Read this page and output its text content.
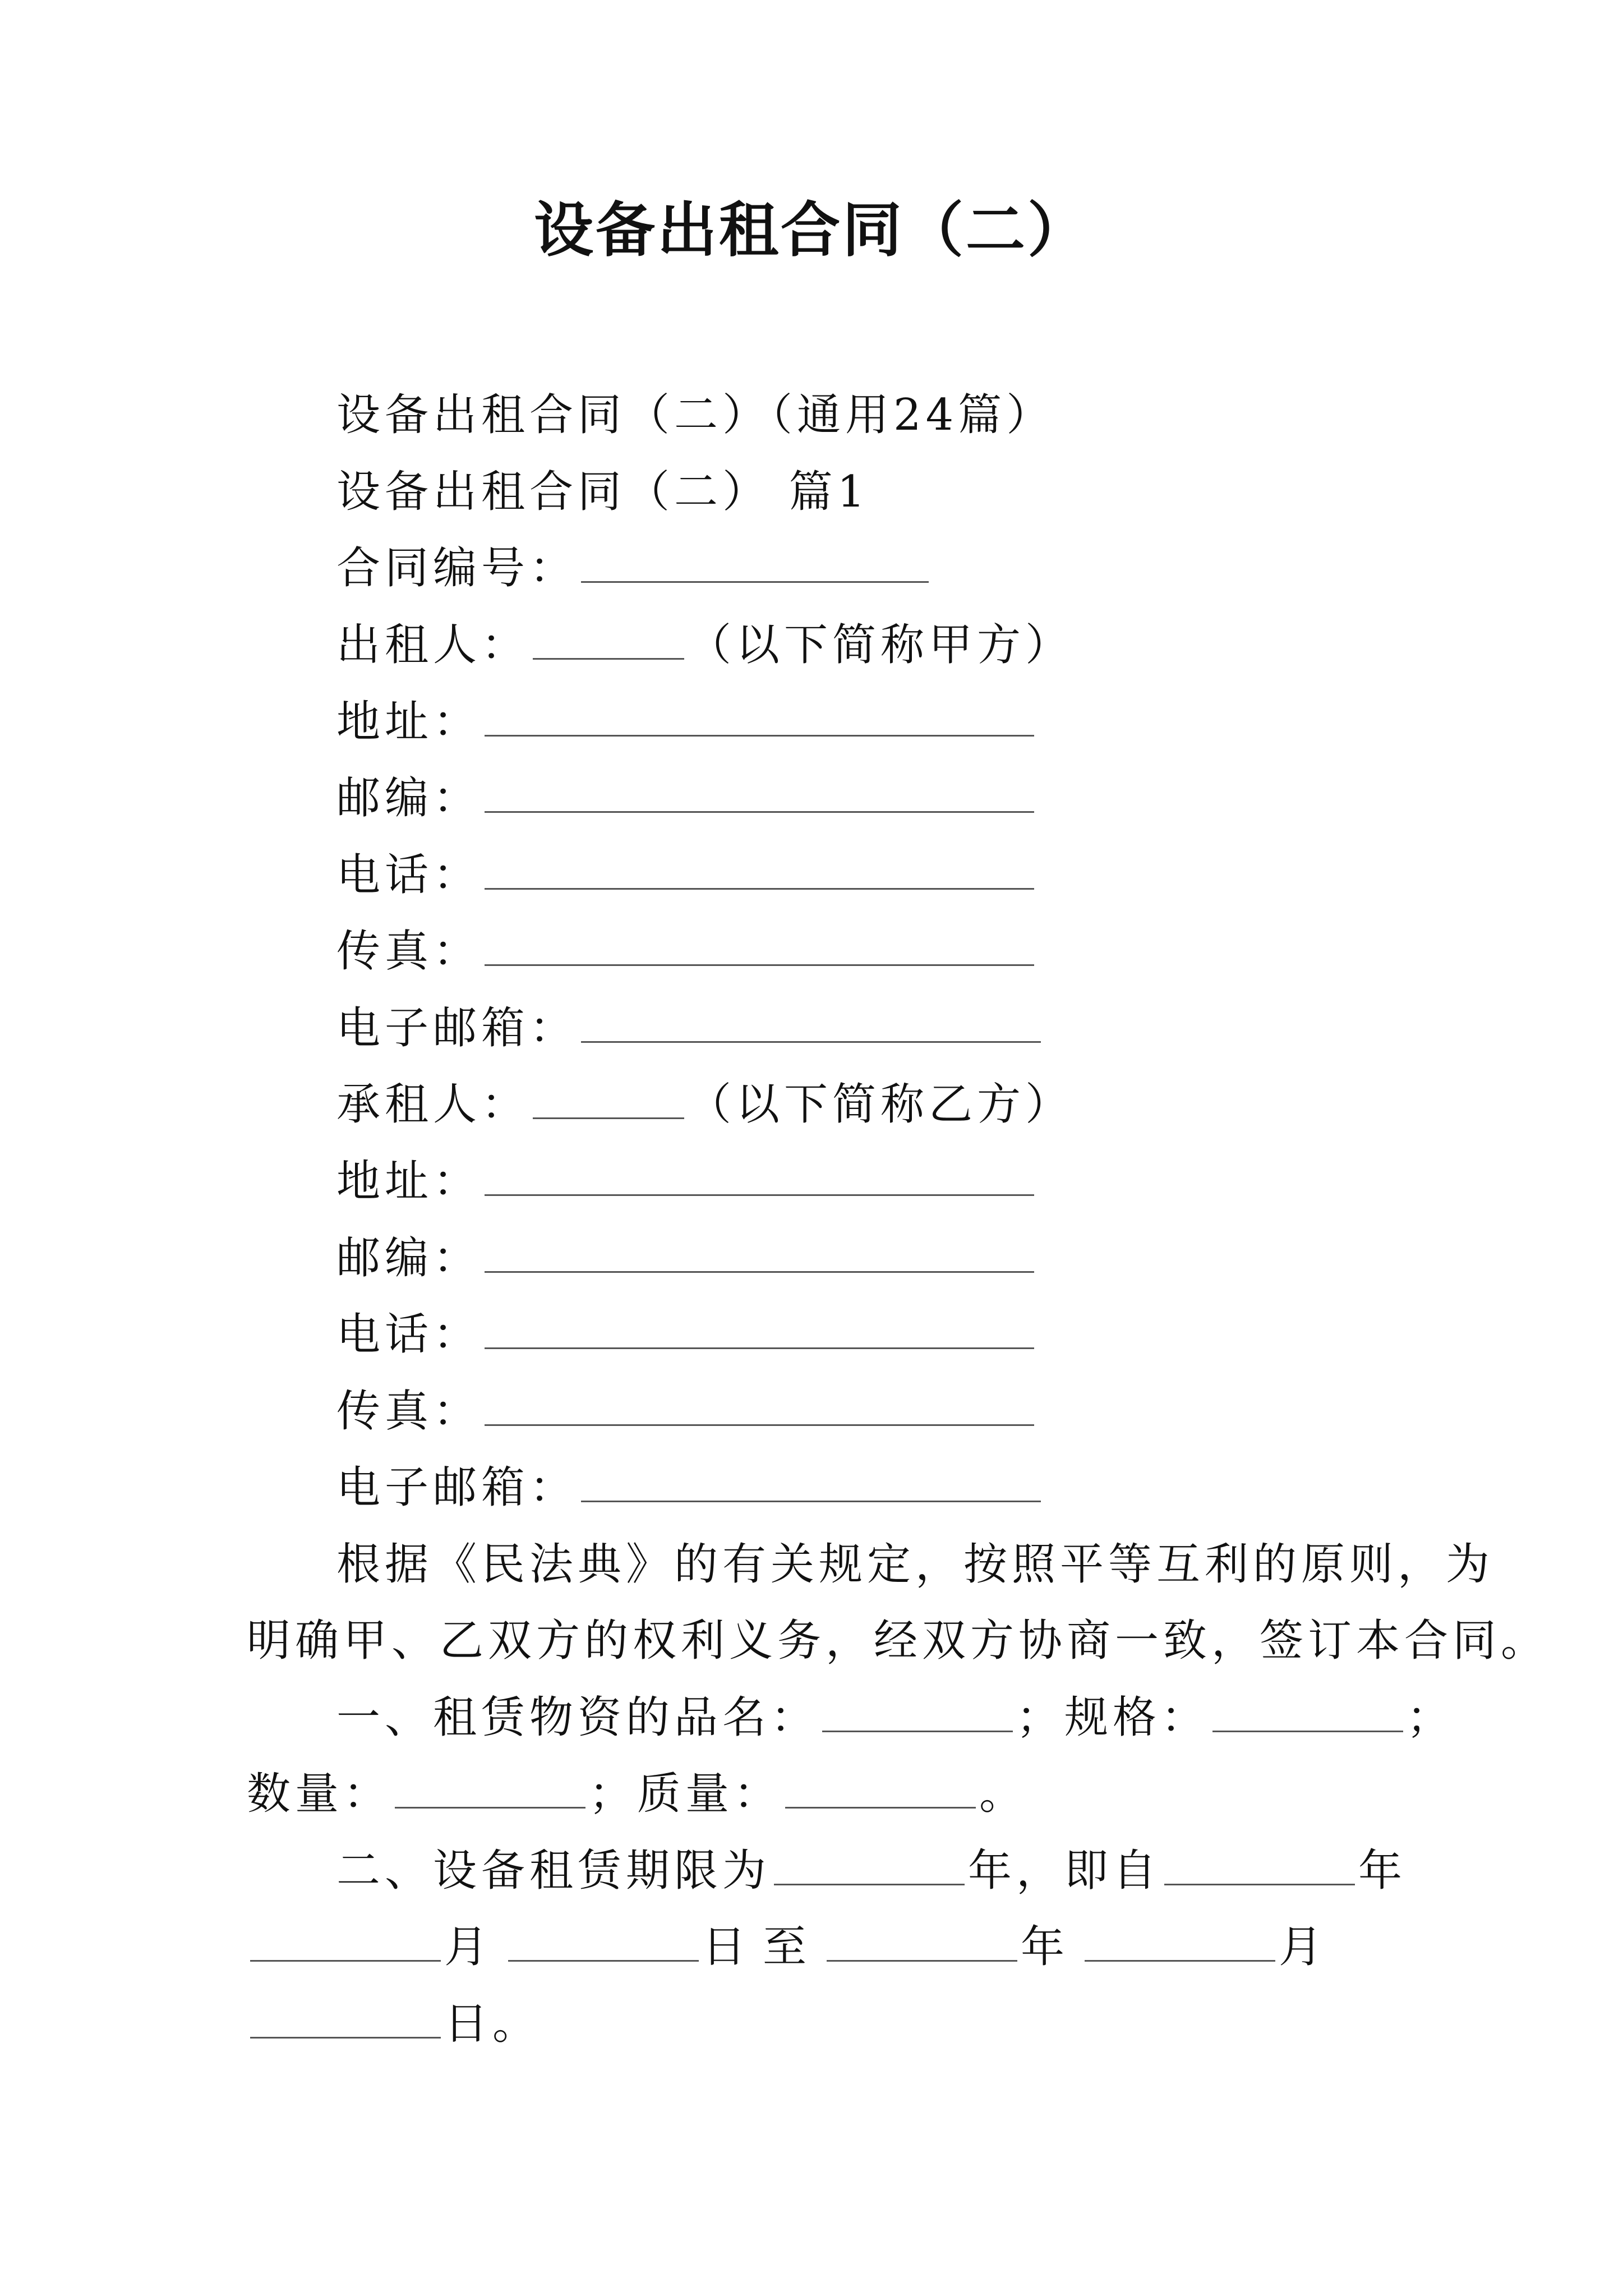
设备出租合同（二）
设备出租合同（二）（通用24篇）
设备出租合同（二） 篇1
合同编号：
出租人：	（以下简称甲方）
地址：
邮编：
电话：
传真：
电子邮箱：
承租人：	（以下简称乙方）
地址：
邮编：
电话：
传真：
电子邮箱：
根据《民法典》的有关规定，按照平等互利的原则，为
明确甲、乙双方的权利义务，经双方协商一致，签订本合同。
一、租赁物资的品名：	；规格：	；
数量：	；质量：	。
二、设备租赁期限为	年，即自	年
月	日至	年	月
日。
